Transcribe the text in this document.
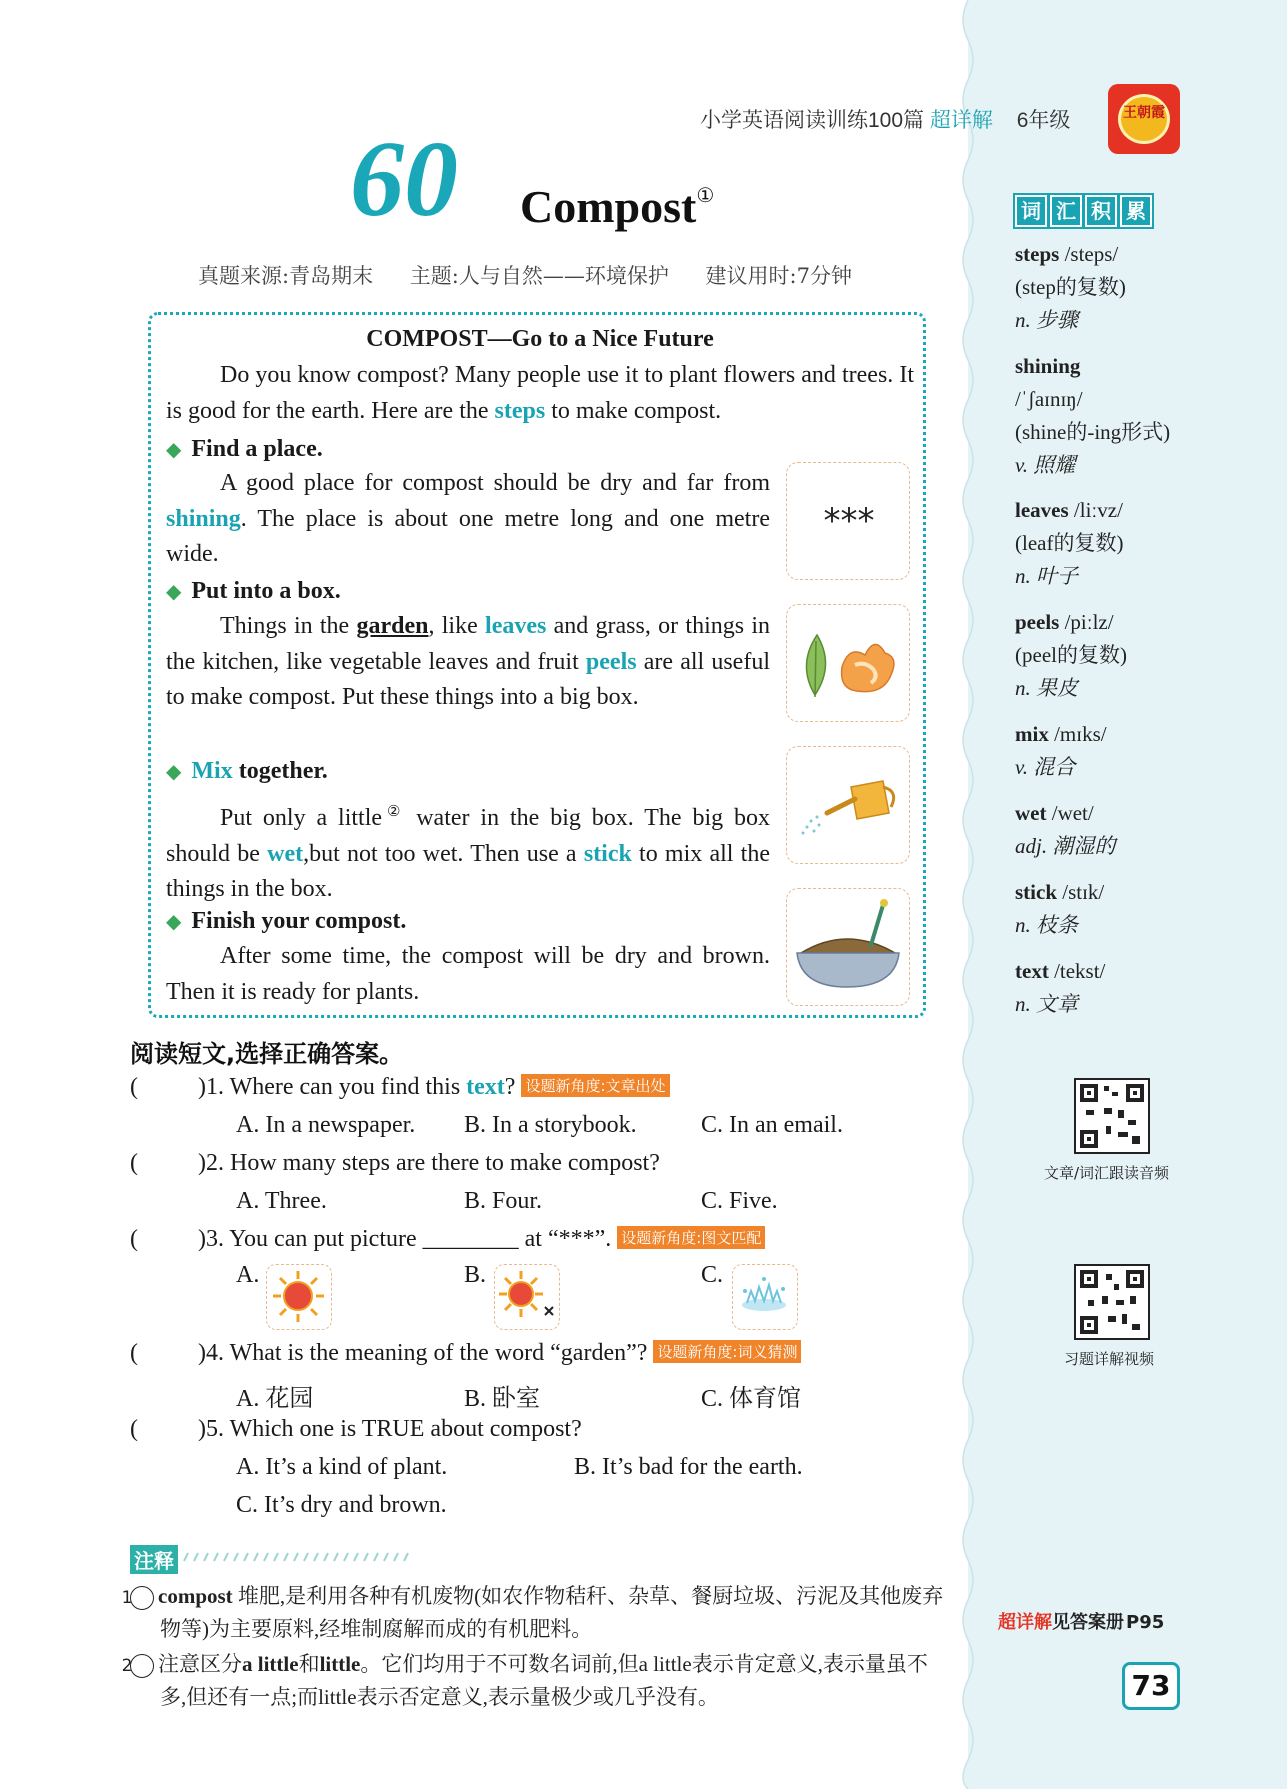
小学英语阅读训练100篇 超详解 6年级	王朝霞
60 Compost①
真题来源:青岛期末 主题:人与自然——环境保护 建议用时:7分钟
COMPOST—Go to a Nice Future
Do you know compost? Many people use it to plant flowers and trees. It is good for the earth. Here are the steps to make compost.
◆ Find a place.
A good place for compost should be dry and far from shining. The place is about one metre long and one metre wide.
***
◆ Put into a box.
Things in the garden, like leaves and grass, or things in the kitchen, like vegetable leaves and fruit peels are all useful to make compost. Put these things into a big box.
◆ Mix together.
Put only a little② water in the big box. The big box should be wet,but not too wet. Then use a stick to mix all the things in the box.
◆ Finish your compost.
After some time, the compost will be dry and brown. Then it is ready for plants.
词 汇 积 累
steps /steps/
(step的复数)
n. 步骤
shining
/ˈʃaɪnɪŋ/
(shine的-ing形式)
v. 照耀
leaves /liːvz/
(leaf的复数)
n. 叶子
peels /piːlz/
(peel的复数)
n. 果皮
mix /mɪks/
v. 混合
wet /wet/
adj. 潮湿的
stick /stɪk/
n. 枝条
text /tekst/
n. 文章
文章/词汇跟读音频
习题详解视频
阅读短文,选择正确答案。
(	)1. Where can you find this text? 设题新角度:文章出处
A. In a newspaper. B. In a storybook.	C. In an email.
(	)2. How many steps are there to make compost?
A. Three.	B. Four.	C. Five.
(	)3. You can put picture ________ at “***”. 设题新角度:图文匹配
A.	B.	C.
(	)4. What is the meaning of the word “garden”? 设题新角度:词义猜测
A. 花园	B. 卧室	C. 体育馆
(	)5. Which one is TRUE about compost?
A. It’s a kind of plant.	B. It’s bad for the earth.
C. It’s dry and brown.
注释
1 compost 堆肥,是利用各种有机废物(如农作物秸秆、杂草、餐厨垃圾、污泥及其他废弃物等)为主要原料,经堆制腐解而成的有机肥料。
2 注意区分a little和little。它们均用于不可数名词前,但a little表示肯定意义,表示量虽不多,但还有一点;而little表示否定意义,表示量极少或几乎没有。
超详解见答案册 P95
73
